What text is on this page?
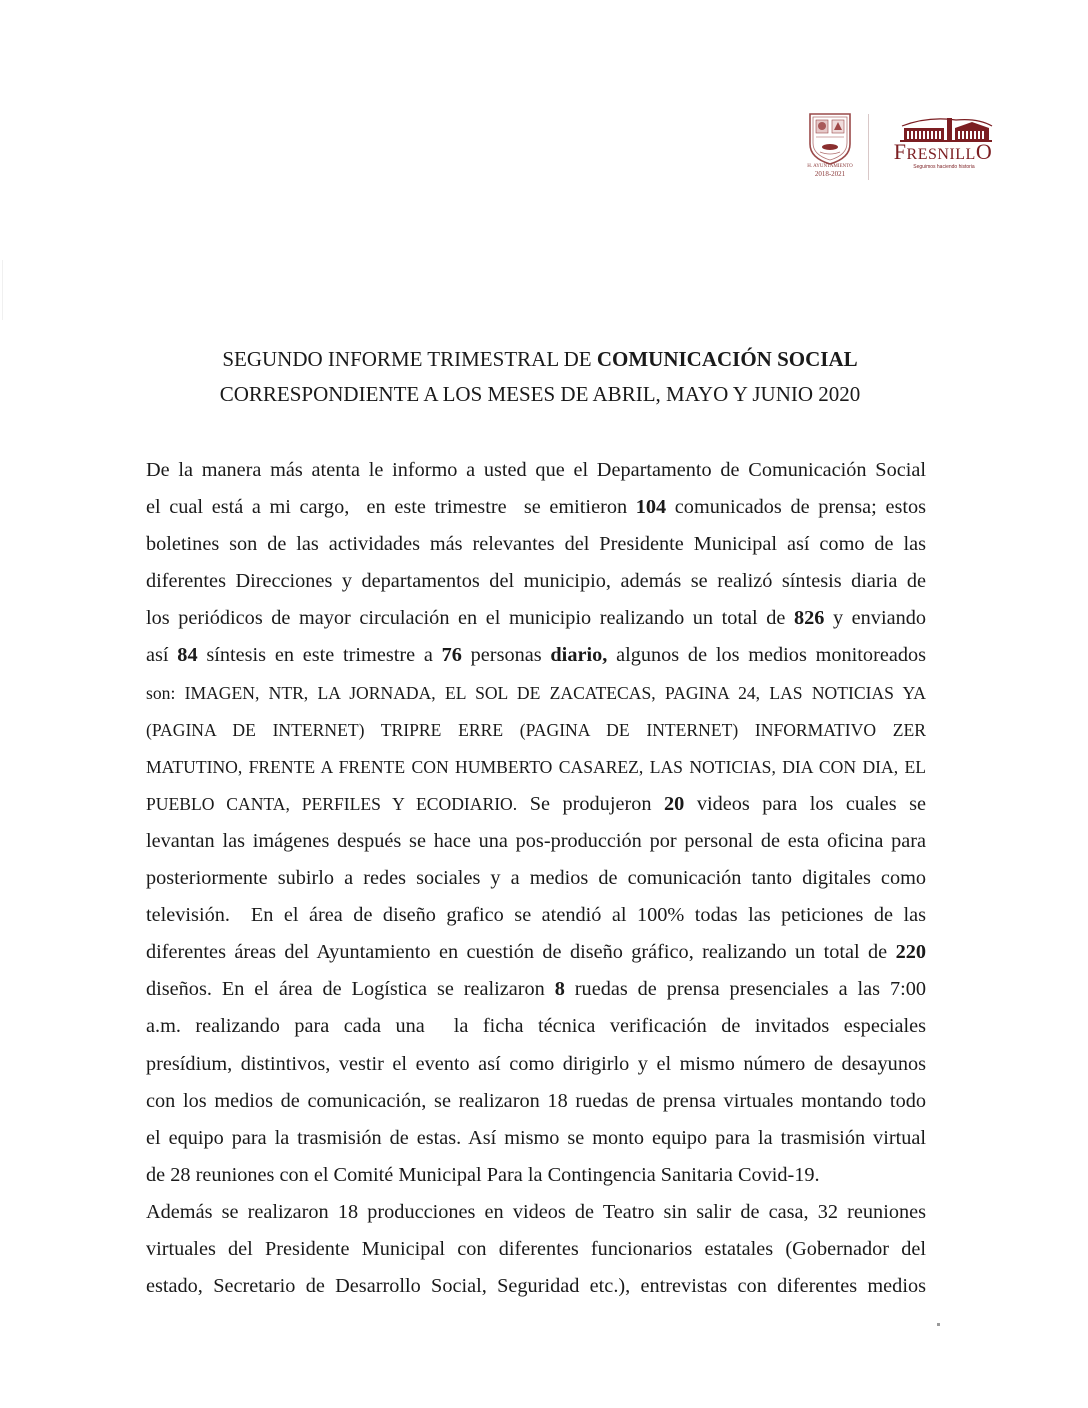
H. AYUNTAMIENTO
2018-2021
FRESNILLO
Seguimos haciendo historia
SEGUNDO INFORME TRIMESTRAL DE COMUNICACIÓN SOCIAL
CORRESPONDIENTE A LOS MESES DE ABRIL, MAYO Y JUNIO 2020
De la manera más atenta le informo a usted que el Departamento de Comunicación Social
el cual está a mi cargo,  en este trimestre  se emitieron 104 comunicados de prensa; estos
boletines son de las actividades más relevantes del Presidente Municipal así como de las
diferentes Direcciones y departamentos del municipio, además se realizó síntesis diaria de
los periódicos de mayor circulación en el municipio realizando un total de 826 y enviando
así 84 síntesis en este trimestre a 76 personas diario, algunos de los medios monitoreados
son: IMAGEN, NTR, LA JORNADA, EL SOL DE ZACATECAS, PAGINA 24, LAS NOTICIAS YA
(PAGINA DE INTERNET) TRIPRE ERRE (PAGINA DE INTERNET) INFORMATIVO ZER
MATUTINO, FRENTE A FRENTE CON HUMBERTO CASAREZ, LAS NOTICIAS, DIA CON DIA, EL
PUEBLO CANTA, PERFILES Y ECODIARIO. Se produjeron 20 videos para los cuales se
levantan las imágenes después se hace una pos-producción por personal de esta oficina para
posteriormente subirlo a redes sociales y a medios de comunicación tanto digitales como
televisión.  En el área de diseño grafico se atendió al 100% todas las peticiones de las
diferentes áreas del Ayuntamiento en cuestión de diseño gráfico, realizando un total de 220
diseños. En el área de Logística se realizaron 8 ruedas de prensa presenciales a las 7:00
a.m. realizando para cada una  la ficha técnica verificación de invitados especiales
presídium, distintivos, vestir el evento así como dirigirlo y el mismo número de desayunos
con los medios de comunicación, se realizaron 18 ruedas de prensa virtuales montando todo
el equipo para la trasmisión de estas. Así mismo se monto equipo para la trasmisión virtual
de 28 reuniones con el Comité Municipal Para la Contingencia Sanitaria Covid-19.
Además se realizaron 18 producciones en videos de Teatro sin salir de casa, 32 reuniones
virtuales del Presidente Municipal con diferentes funcionarios estatales (Gobernador del
estado, Secretario de Desarrollo Social, Seguridad etc.), entrevistas con diferentes medios
